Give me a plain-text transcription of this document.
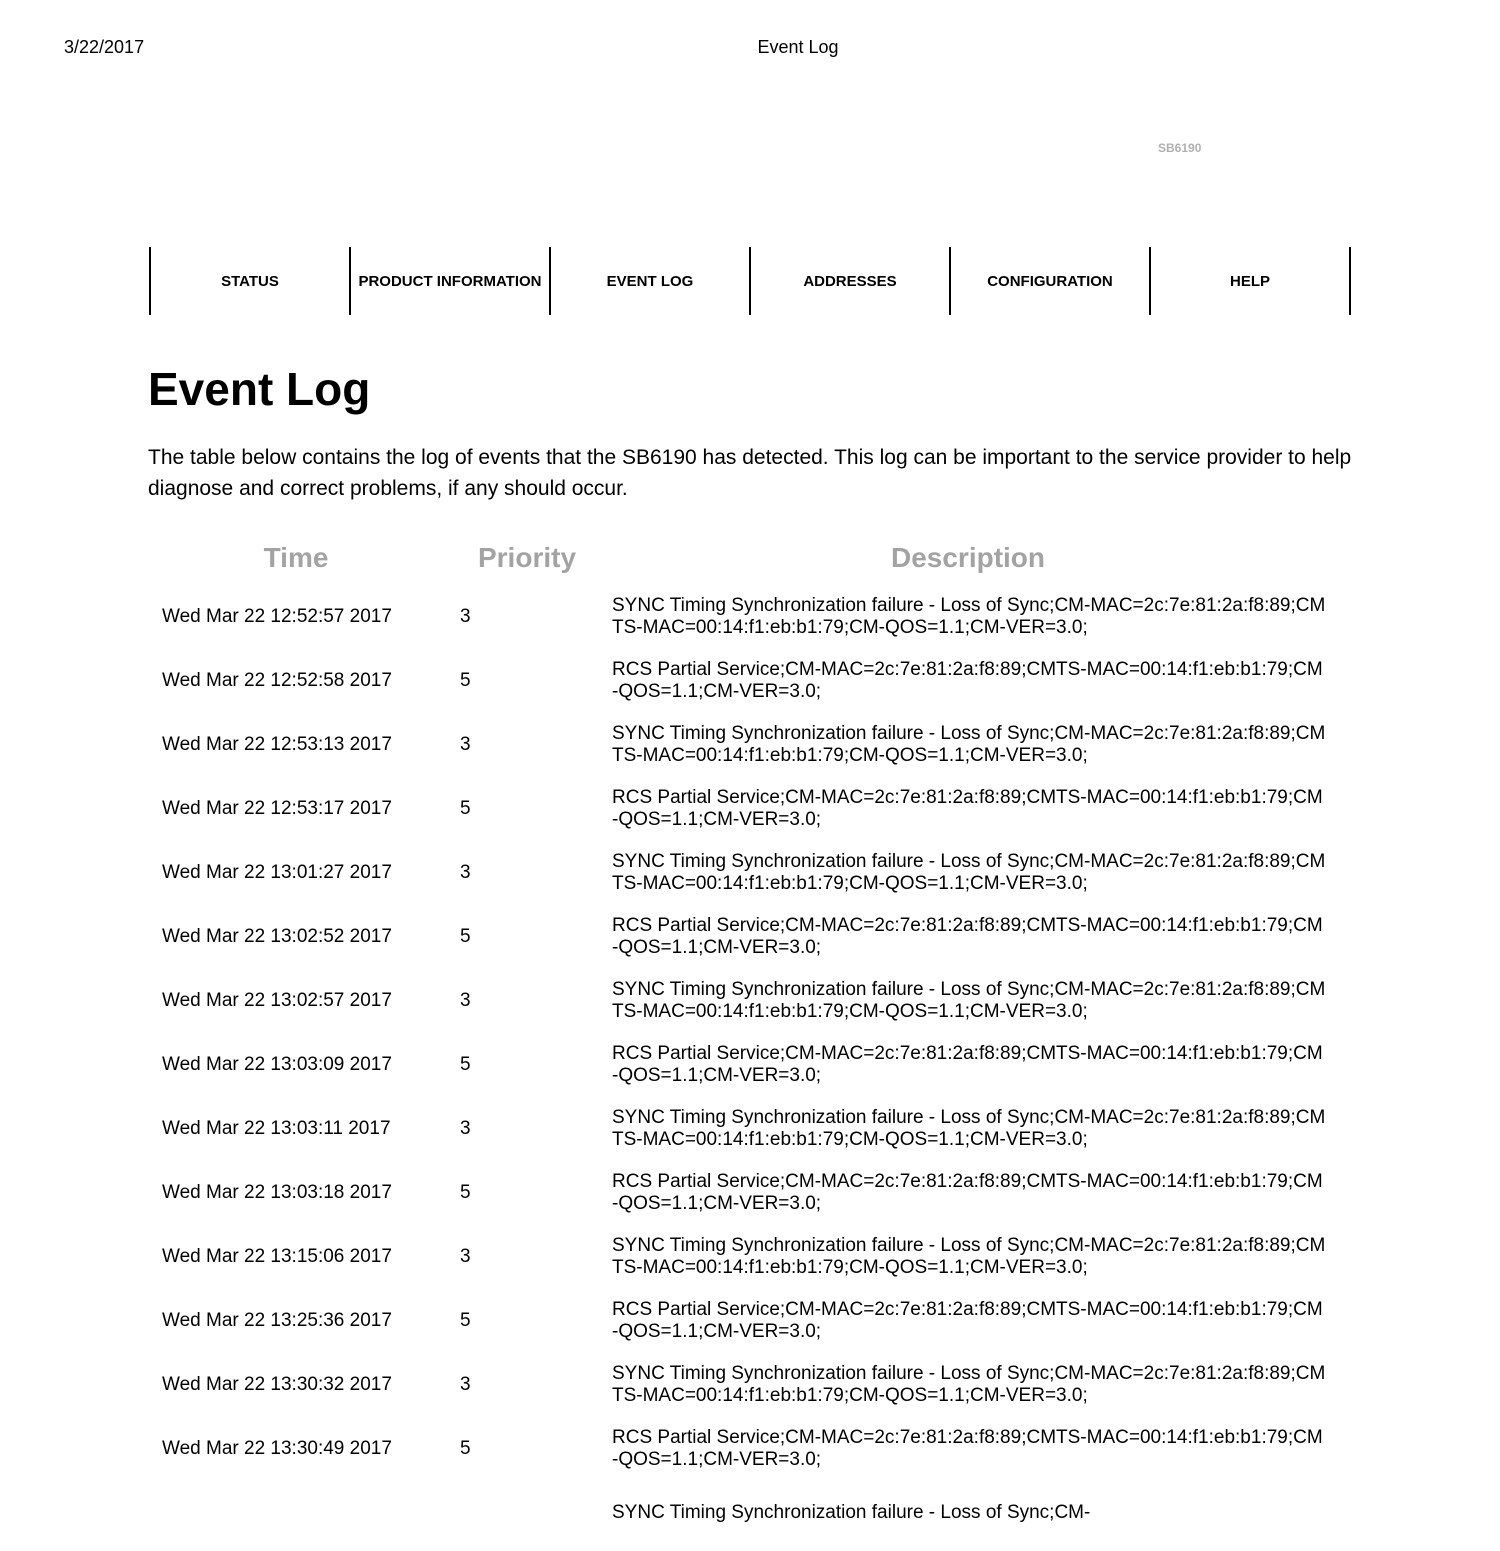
3/22/2017	Event Log
SB6190
STATUS	PRODUCT INFORMATION	EVENT LOG	ADDRESSES	CONFIGURATION	HELP
Event Log

The table below contains the log of events that the SB6190 has detected. This log can be important to the service provider to help diagnose and correct problems, if any should occur.

Time	Priority	Description
Wed Mar 22 12:52:57 2017	3	SYNC Timing Synchronization failure - Loss of Sync;CM-MAC=2c:7e:81:2a:f8:89;CMTS-MAC=00:14:f1:eb:b1:79;CM-QOS=1.1;CM-VER=3.0;
Wed Mar 22 12:52:58 2017	5	RCS Partial Service;CM-MAC=2c:7e:81:2a:f8:89;CMTS-MAC=00:14:f1:eb:b1:79;CM-QOS=1.1;CM-VER=3.0;
Wed Mar 22 12:53:13 2017	3	SYNC Timing Synchronization failure - Loss of Sync;CM-MAC=2c:7e:81:2a:f8:89;CMTS-MAC=00:14:f1:eb:b1:79;CM-QOS=1.1;CM-VER=3.0;
Wed Mar 22 12:53:17 2017	5	RCS Partial Service;CM-MAC=2c:7e:81:2a:f8:89;CMTS-MAC=00:14:f1:eb:b1:79;CM-QOS=1.1;CM-VER=3.0;
Wed Mar 22 13:01:27 2017	3	SYNC Timing Synchronization failure - Loss of Sync;CM-MAC=2c:7e:81:2a:f8:89;CMTS-MAC=00:14:f1:eb:b1:79;CM-QOS=1.1;CM-VER=3.0;
Wed Mar 22 13:02:52 2017	5	RCS Partial Service;CM-MAC=2c:7e:81:2a:f8:89;CMTS-MAC=00:14:f1:eb:b1:79;CM-QOS=1.1;CM-VER=3.0;
Wed Mar 22 13:02:57 2017	3	SYNC Timing Synchronization failure - Loss of Sync;CM-MAC=2c:7e:81:2a:f8:89;CMTS-MAC=00:14:f1:eb:b1:79;CM-QOS=1.1;CM-VER=3.0;
Wed Mar 22 13:03:09 2017	5	RCS Partial Service;CM-MAC=2c:7e:81:2a:f8:89;CMTS-MAC=00:14:f1:eb:b1:79;CM-QOS=1.1;CM-VER=3.0;
Wed Mar 22 13:03:11 2017	3	SYNC Timing Synchronization failure - Loss of Sync;CM-MAC=2c:7e:81:2a:f8:89;CMTS-MAC=00:14:f1:eb:b1:79;CM-QOS=1.1;CM-VER=3.0;
Wed Mar 22 13:03:18 2017	5	RCS Partial Service;CM-MAC=2c:7e:81:2a:f8:89;CMTS-MAC=00:14:f1:eb:b1:79;CM-QOS=1.1;CM-VER=3.0;
Wed Mar 22 13:15:06 2017	3	SYNC Timing Synchronization failure - Loss of Sync;CM-MAC=2c:7e:81:2a:f8:89;CMTS-MAC=00:14:f1:eb:b1:79;CM-QOS=1.1;CM-VER=3.0;
Wed Mar 22 13:25:36 2017	5	RCS Partial Service;CM-MAC=2c:7e:81:2a:f8:89;CMTS-MAC=00:14:f1:eb:b1:79;CM-QOS=1.1;CM-VER=3.0;
Wed Mar 22 13:30:32 2017	3	SYNC Timing Synchronization failure - Loss of Sync;CM-MAC=2c:7e:81:2a:f8:89;CMTS-MAC=00:14:f1:eb:b1:79;CM-QOS=1.1;CM-VER=3.0;
Wed Mar 22 13:30:49 2017	5	RCS Partial Service;CM-MAC=2c:7e:81:2a:f8:89;CMTS-MAC=00:14:f1:eb:b1:79;CM-QOS=1.1;CM-VER=3.0;
		SYNC Timing Synchronization failure - Loss of Sync;CM-
